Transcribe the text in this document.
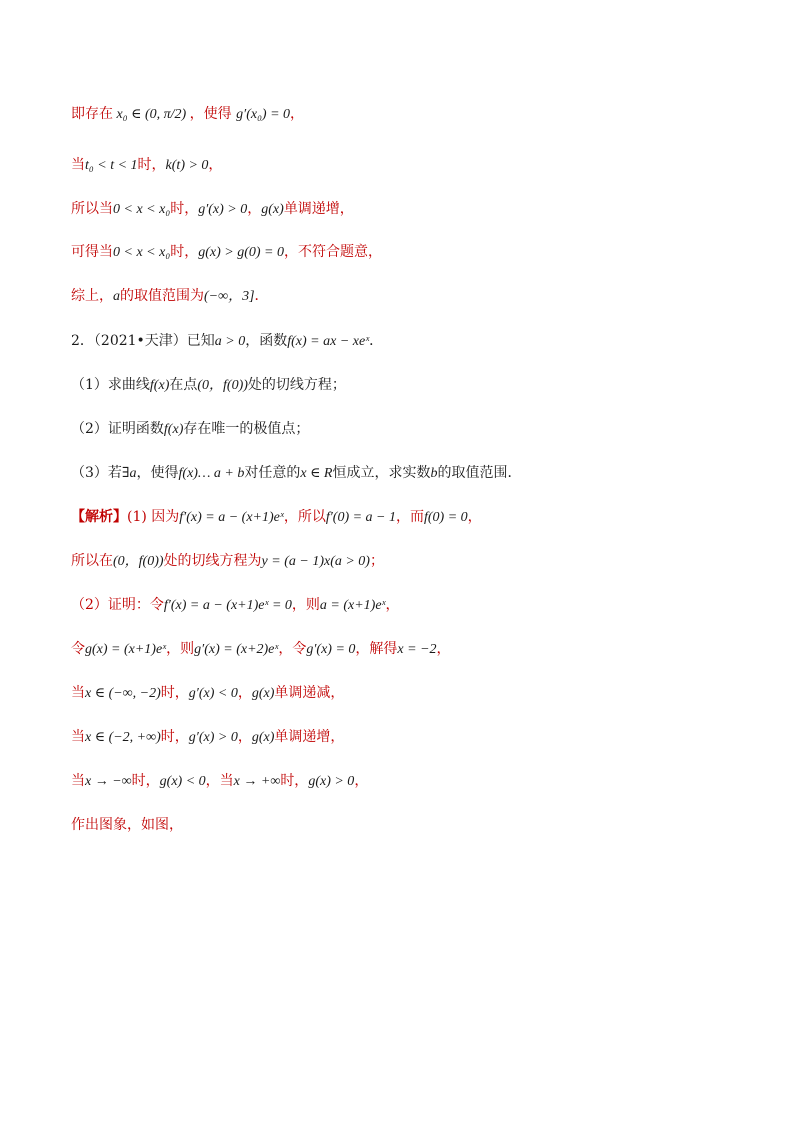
即存在 x₀ ∈ (0, π/2) ，使得 g′(x₀) = 0，
当t₀ < t < 1时，k(t) > 0，
所以当0 < x < x₀时，g′(x) > 0，g(x)单调递增，
可得当0 < x < x₀时，g(x) > g(0) = 0，不符合题意，
综上，a的取值范围为(−∞，3]．
2．（2021•天津）已知a > 0，函数f(x) = ax − xeˣ．
（1）求曲线f(x)在点(0，f(0))处的切线方程；
（2）证明函数f(x)存在唯一的极值点；
（3）若∃a，使得f(x)… a + b对任意的x ∈ R恒成立，求实数b的取值范围．
【解析】(1) 因为f′(x) = a − (x+1)eˣ，所以f′(0) = a − 1，而f(0) = 0，
所以在(0，f(0))处的切线方程为y = (a − 1)x(a > 0)；
（2）证明：令f′(x) = a − (x+1)eˣ = 0，则a = (x+1)eˣ，
令g(x) = (x+1)eˣ，则g′(x) = (x+2)eˣ，令g′(x) = 0，解得x = −2，
当x ∈ (−∞, −2)时，g′(x) < 0，g(x)单调递减，
当x ∈ (−2, +∞)时，g′(x) > 0，g(x)单调递增，
当x → −∞时，g(x) < 0，当x → +∞时，g(x) > 0，
作出图象，如图，
